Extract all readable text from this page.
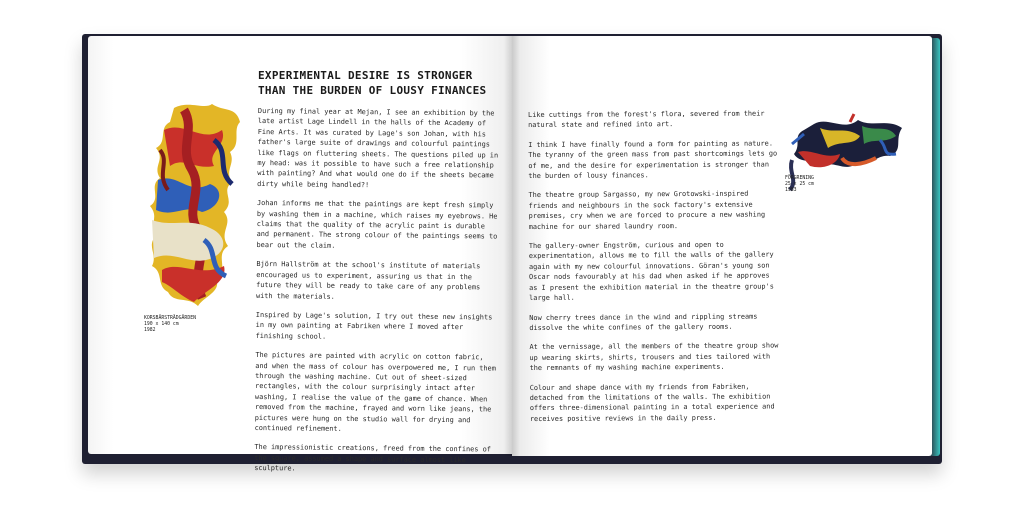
EXPERIMENTAL DESIRE IS STRONGER
THAN THE BURDEN OF LOUSY FINANCES
KORSBÄRSTRÄDGÅRDEN
190 x 140 cm
1982

During my final year at Mejan, I see an exhibition by the late artist Lage Lindell in the halls of the Academy of Fine Arts. It was curated by Lage's son Johan, with his father's large suite of drawings and colourful paintings like flags on fluttering sheets. The questions piled up in my head: was it possible to have such a free relationship with painting? And what would one do if the sheets became dirty while being handled?!

Johan informs me that the paintings are kept fresh simply by washing them in a machine, which raises my eyebrows. He claims that the quality of the acrylic paint is durable and permanent. The strong colour of the paintings seems to bear out the claim.

Björn Hallström at the school's institute of materials encouraged us to experiment, assuring us that in the future they will be ready to take care of any problems with the materials.

Inspired by Lage's solution, I try out these new insights in my own painting at Fabriken where I moved after finishing school.

The pictures are painted with acrylic on cotton fabric, and when the mass of colour has overpowered me, I run them through the washing machine. Cut out of sheet-sized rectangles, with the colour surprisingly intact after washing, I realise the value of the game of chance. When removed from the machine, frayed and worn like jeans, the pictures were hung on the studio wall for drying and continued refinement.

The impressionistic creations, freed from the confines of the square, assumed a shape and surface almost like sculpture.

Like cuttings from the forest's flora, severed from their natural state and refined into art.

I think I have finally found a form for painting as nature. The tyranny of the green mass from past shortcomings lets go of me, and the desire for experimentation is stronger than the burden of lousy finances.

The theatre group Sargasso, my new Grotowski-inspired friends and neighbours in the sock factory's extensive premises, cry when we are forced to procure a new washing machine for our shared laundry room.

The gallery-owner Engström, curious and open to experimentation, allows me to fill the walls of the gallery again with my new colourful innovations. Göran's young son Oscar nods favourably at his dad when asked if he approves as I present the exhibition material in the theatre group's large hall.

Now cherry trees dance in the wind and rippling streams dissolve the white confines of the gallery rooms.

At the vernissage, all the members of the theatre group show up wearing skirts, shirts, trousers and ties tailored with the remnants of my washing machine experiments.

Colour and shape dance with my friends from Fabriken, detached from the limitations of the walls. The exhibition offers three-dimensional painting in a total experience and receives positive reviews in the daily press.

FÖRGRENING
25 x 25 cm
1983
